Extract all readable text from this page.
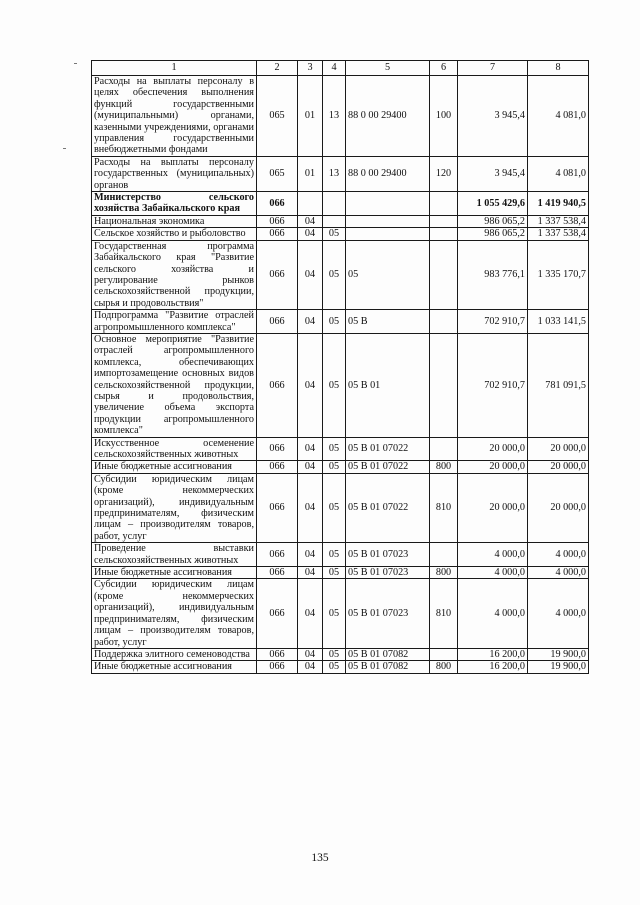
1	2	3	4	5	6	7	8
Расходы на выплаты персоналу в целях обеспечения выполнения функций государственными (муниципальными) органами, казенными учреждениями, органами управления государственными внебюджетными фондами	065	01	13	88 0 00 29400	100	3 945,4	4 081,0
Расходы на выплаты персоналу государственных (муниципальных) органов	065	01	13	88 0 00 29400	120	3 945,4	4 081,0
Министерство сельского хозяйства Забайкальского края	066					1 055 429,6	1 419 940,5
Национальная экономика	066	04				986 065,2	1 337 538,4
Сельское хозяйство и рыболовство	066	04	05			986 065,2	1 337 538,4
Государственная программа Забайкальского края "Развитие сельского хозяйства и регулирование рынков сельскохозяйственной продукции, сырья и продовольствия"	066	04	05	05		983 776,1	1 335 170,7
Подпрограмма "Развитие отраслей агропромышленного комплекса"	066	04	05	05 В		702 910,7	1 033 141,5
Основное мероприятие "Развитие отраслей агропромышленного комплекса, обеспечивающих импортозамещение основных видов сельскохозяйственной продукции, сырья и продовольствия, увеличение объема экспорта продукции агропромышленного комплекса"	066	04	05	05 В 01		702 910,7	781 091,5
Искусственное осеменение сельскохозяйственных животных	066	04	05	05 В 01 07022		20 000,0	20 000,0
Иные бюджетные ассигнования	066	04	05	05 В 01 07022	800	20 000,0	20 000,0
Субсидии юридическим лицам (кроме некоммерческих организаций), индивидуальным предпринимателям, физическим лицам – производителям товаров, работ, услуг	066	04	05	05 В 01 07022	810	20 000,0	20 000,0
Проведение выставки сельскохозяйственных животных	066	04	05	05 В 01 07023		4 000,0	4 000,0
Иные бюджетные ассигнования	066	04	05	05 В 01 07023	800	4 000,0	4 000,0
Субсидии юридическим лицам (кроме некоммерческих организаций), индивидуальным предпринимателям, физическим лицам – производителям товаров, работ, услуг	066	04	05	05 В 01 07023	810	4 000,0	4 000,0
Поддержка элитного семеноводства	066	04	05	05 В 01 07082		16 200,0	19 900,0
Иные бюджетные ассигнования	066	04	05	05 В 01 07082	800	16 200,0	19 900,0
135
